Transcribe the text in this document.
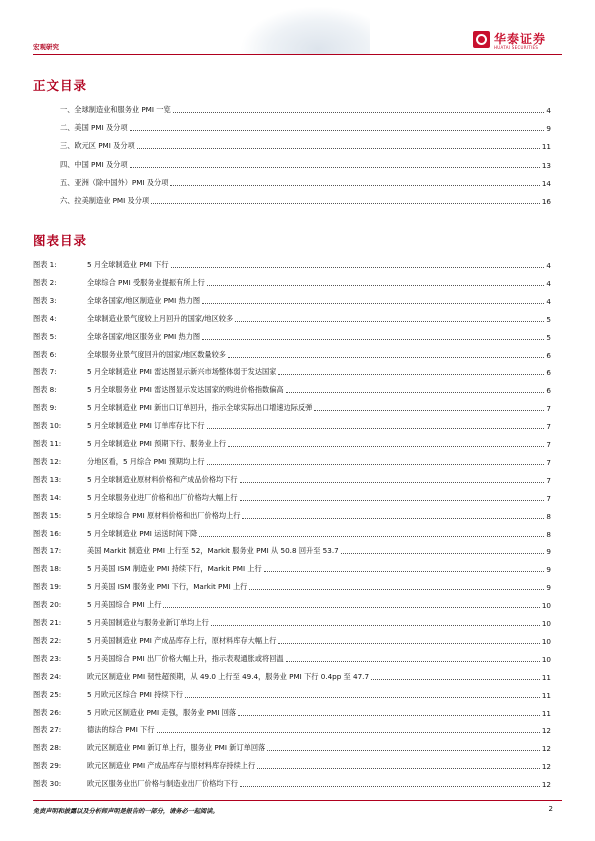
宏观研究
华泰证券
HUATAI SECURITIES
正文目录
一、全球制造业和服务业 PMI 一览	4
二、美国 PMI 及分项	9
三、欧元区 PMI 及分项	11
四、中国 PMI 及分项	13
五、亚洲（除中国外）PMI 及分项	14
六、拉美制造业 PMI 及分项	16
图表目录
图表 1:	5 月全球制造业 PMI 下行	4
图表 2:	全球综合 PMI 受服务业提振有所上行	4
图表 3:	全球各国家/地区制造业 PMI 热力图	4
图表 4:	全球制造业景气度较上月回升的国家/地区较多	5
图表 5:	全球各国家/地区服务业 PMI 热力图	5
图表 6:	全球服务业景气度回升的国家/地区数量较多	6
图表 7:	5 月全球制造业 PMI 雷达图显示新兴市场整体弱于发达国家	6
图表 8:	5 月全球服务业 PMI 雷达图显示发达国家的购进价格指数偏高	6
图表 9:	5 月全球制造业 PMI 新出口订单回升，指示全球实际出口增速边际反弹	7
图表 10:	5 月全球制造业 PMI 订单库存比下行	7
图表 11:	5 月全球制造业 PMI 预期下行、服务业上行	7
图表 12:	分地区看，5 月综合 PMI 预期均上行	7
图表 13:	5 月全球制造业原材料价格和产成品价格均下行	7
图表 14:	5 月全球服务业进厂价格和出厂价格均大幅上行	7
图表 15:	5 月全球综合 PMI 原材料价格和出厂价格均上行	8
图表 16:	5 月全球制造业 PMI 运送时间下降	8
图表 17:	美国 Markit 制造业 PMI 上行至 52，Markit 服务业 PMI 从 50.8 回升至 53.7	9
图表 18:	5 月美国 ISM 制造业 PMI 持续下行，Markit PMI 上行	9
图表 19:	5 月美国 ISM 服务业 PMI 下行，Markit PMI 上行	9
图表 20:	5 月美国综合 PMI 上行	10
图表 21:	5 月美国制造业与服务业新订单均上行	10
图表 22:	5 月美国制造业 PMI 产成品库存上行，原材料库存大幅上行	10
图表 23:	5 月美国综合 PMI 出厂价格大幅上升，指示表观通胀或将回温	10
图表 24:	欧元区制造业 PMI 韧性超预期，从 49.0 上行至 49.4，服务业 PMI 下行 0.4pp 至 47.7	11
图表 25:	5 月欧元区综合 PMI 持续下行	11
图表 26:	5 月欧元区制造业 PMI 走强，服务业 PMI 回落	11
图表 27:	德法的综合 PMI 下行	12
图表 28:	欧元区制造业 PMI 新订单上行，服务业 PMI 新订单回落	12
图表 29:	欧元区制造业 PMI 产成品库存与原材料库存持续上行	12
图表 30:	欧元区服务业出厂价格与制造业出厂价格均下行	12
免责声明和披露以及分析师声明是报告的一部分，请务必一起阅读。	2
